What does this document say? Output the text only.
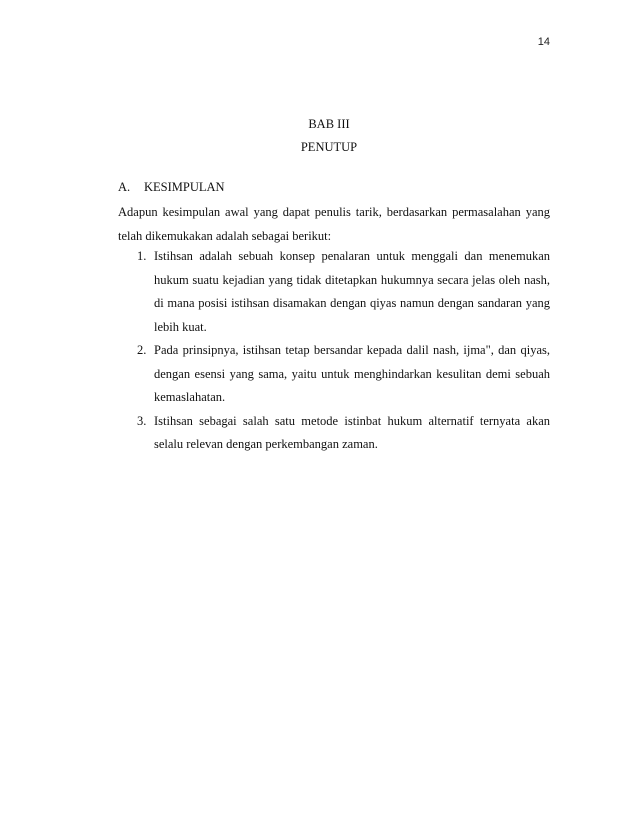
14
BAB III
PENUTUP
A. KESIMPULAN
Adapun kesimpulan awal yang dapat penulis tarik, berdasarkan permasalahan yang
telah dikemukakan adalah sebagai berikut:
1. Istihsan adalah sebuah konsep penalaran untuk menggali dan menemukan
hukum suatu kejadian yang tidak ditetapkan hukumnya secara jelas oleh nash,
di mana posisi istihsan disamakan dengan qiyas namun dengan sandaran yang
lebih kuat.
2. Pada prinsipnya, istihsan tetap bersandar kepada dalil nash, ijma", dan qiyas,
dengan esensi yang sama, yaitu untuk menghindarkan kesulitan demi sebuah
kemaslahatan.
3. Istihsan sebagai salah satu metode istinbat hukum alternatif ternyata akan
selalu relevan dengan perkembangan zaman.
